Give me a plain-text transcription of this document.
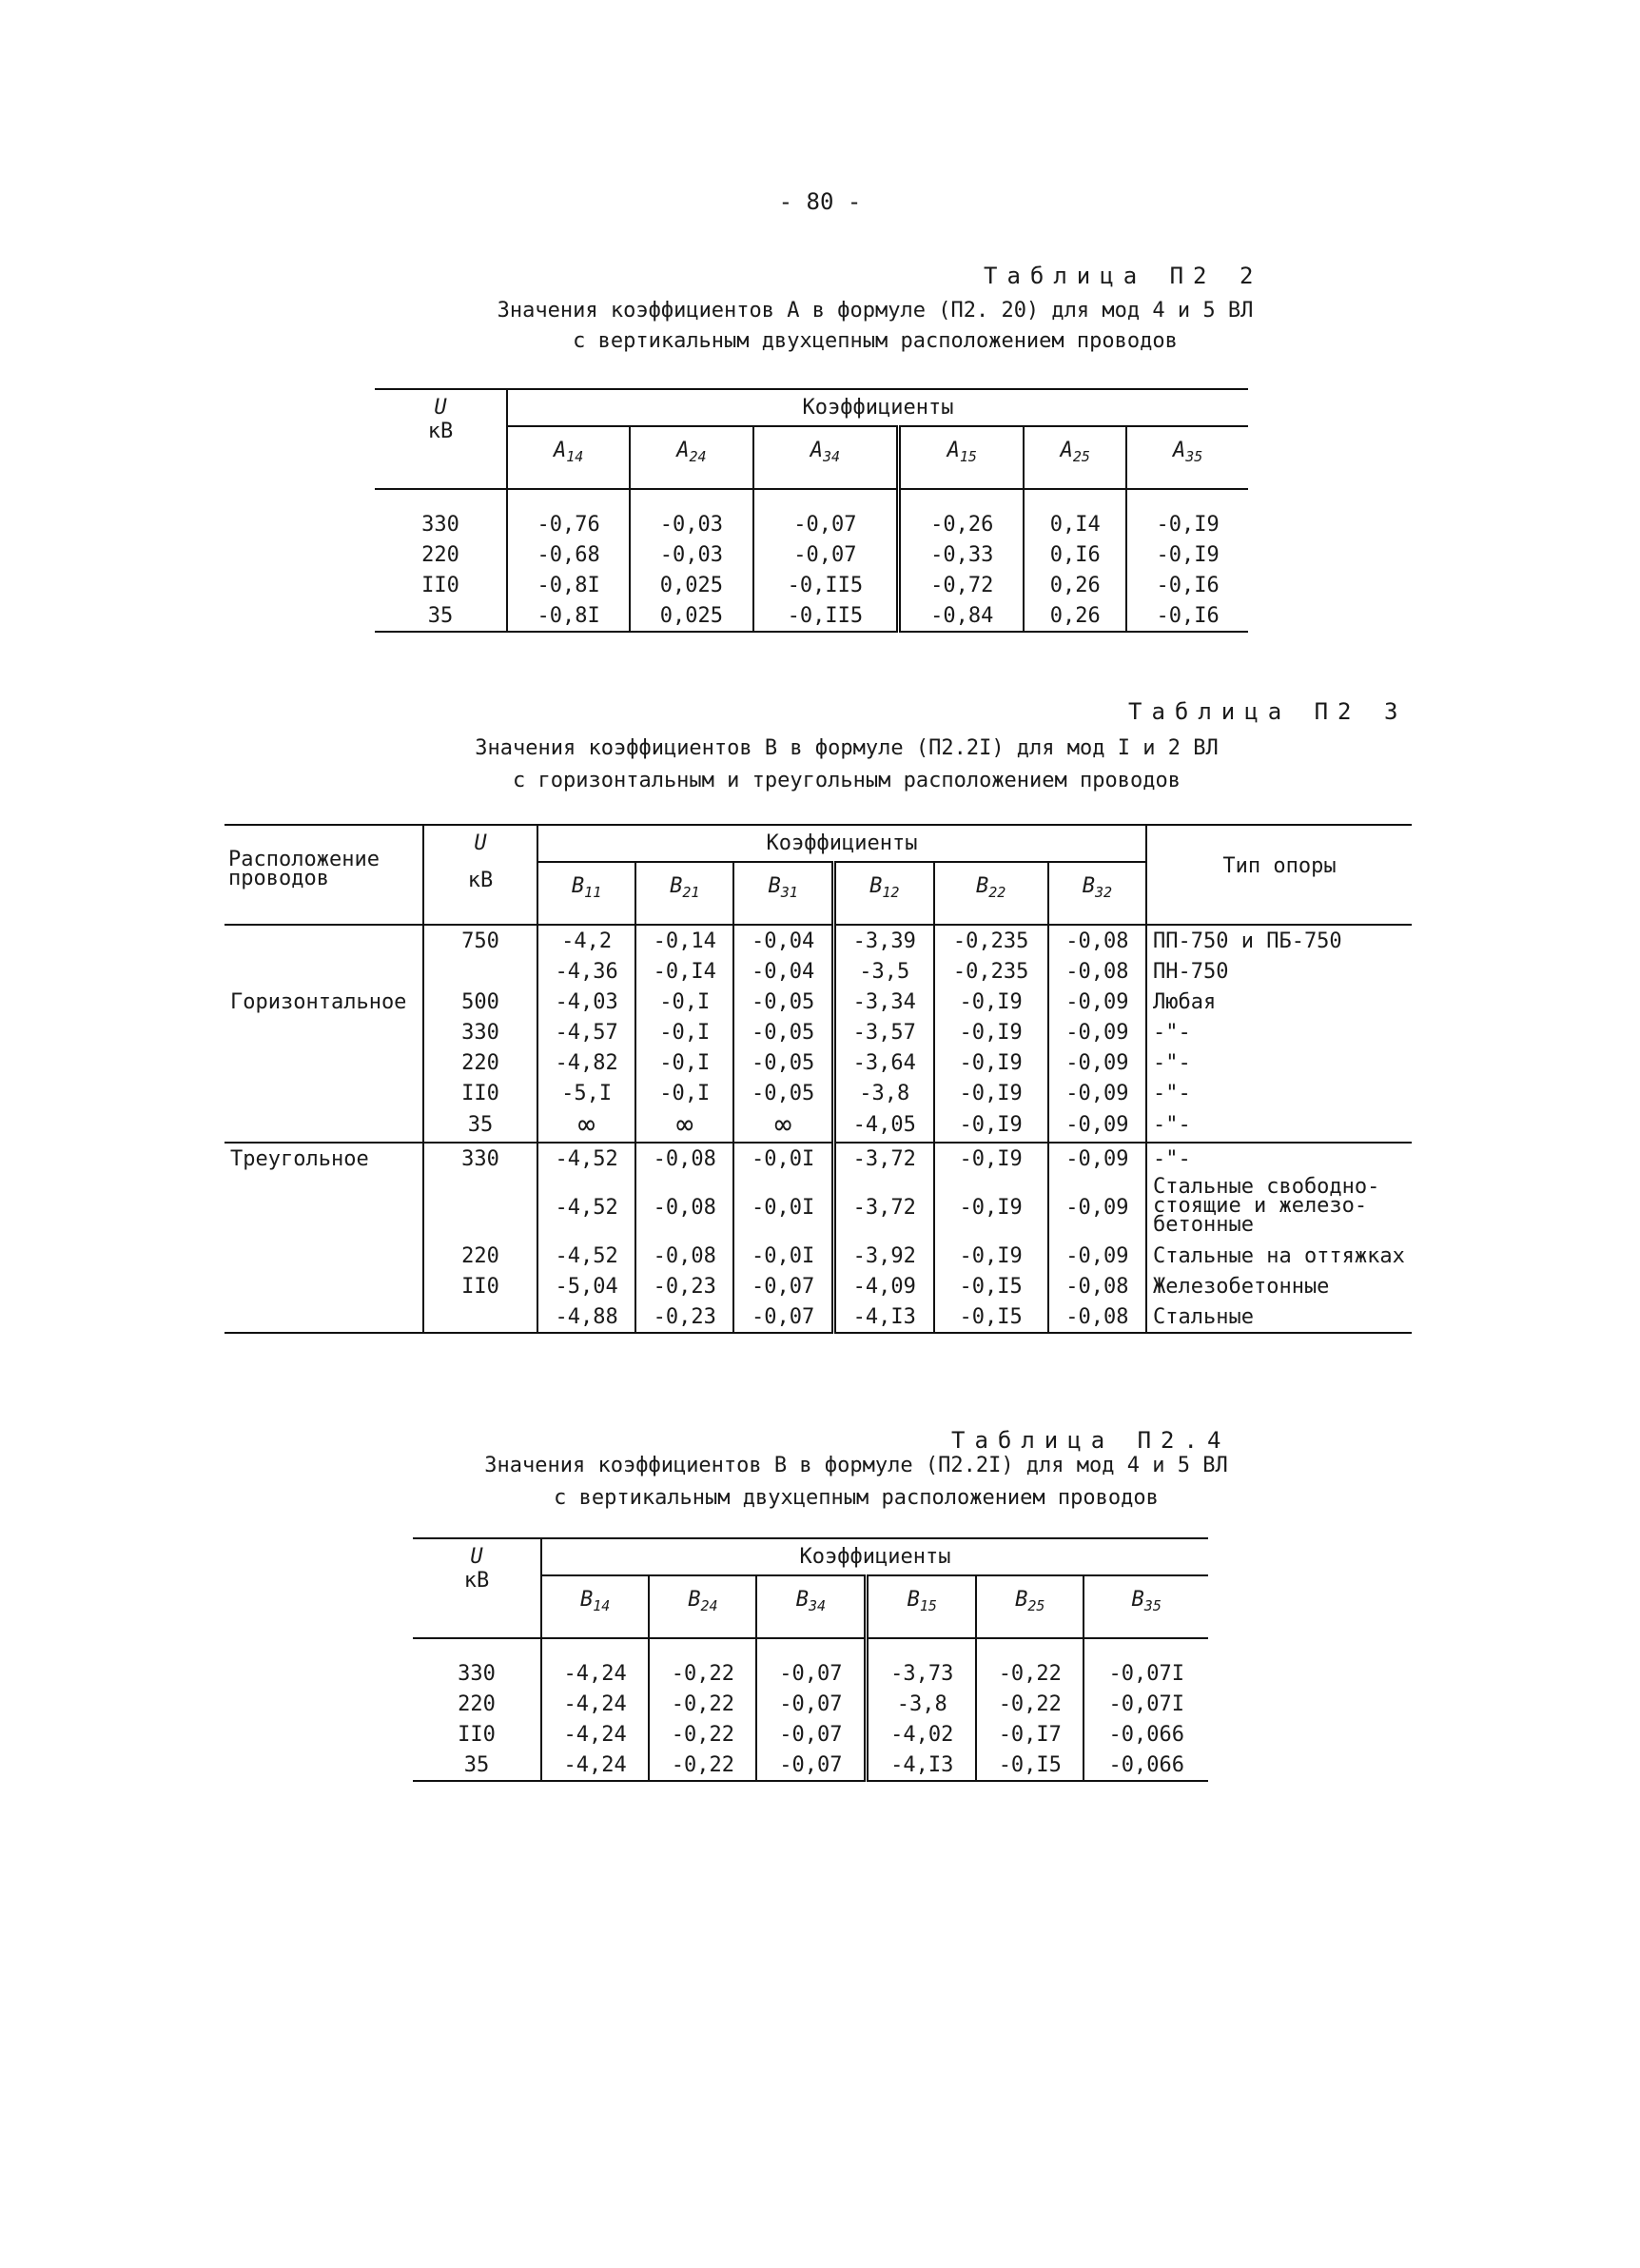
- 80 -
Таблица П2 2
Значения коэффициентов A в формуле (П2. 20) для мод 4 и 5 ВЛ
с вертикальным двухцепным расположением проводов
U
кВ	Коэффициенты					
	$A_{14}$	$A_{24}$	$A_{34}$	$A_{15}$	$A_{25}$	$A_{35}$
330	-0,76	-0,03	-0,07	-0,26	0,I4	-0,I9
220	-0,68	-0,03	-0,07	-0,33	0,I6	-0,I9
II0	-0,8I	0,025	-0,II5	-0,72	0,26	-0,I6
35	-0,8I	0,025	-0,II5	-0,84	0,26	-0,I6
Таблица П2 3
Значения коэффициентов B в формуле (П2.2I) для мод I и 2 ВЛ
с горизонтальным и треугольным расположением проводов
Расположение проводов	U
кВ	Коэффициенты						Тип опоры
		$B_{11}$	$B_{21}$	$B_{31}$	$B_{12}$	$B_{22}$	$B_{32}$
	750	-4,2	-0,14	-0,04	-3,39	-0,235	-0,08	ПП-750 и ПБ-750
		-4,36	-0,I4	-0,04	-3,5	-0,235	-0,08	ПН-750
Горизонтальное	500	-4,03	-0,I	-0,05	-3,34	-0,I9	-0,09	Любая
	330	-4,57	-0,I	-0,05	-3,57	-0,I9	-0,09	-"-
	220	-4,82	-0,I	-0,05	-3,64	-0,I9	-0,09	-"-
	II0	-5,I	-0,I	-0,05	-3,8	-0,I9	-0,09	-"-
	35	∞	∞	∞	-4,05	-0,I9	-0,09	-"-
Треугольное	330	-4,52	-0,08	-0,0I	-3,72	-0,I9	-0,09	-"-
		-4,52	-0,08	-0,0I	-3,72	-0,I9	-0,09	Стальные свободно-стоящие и железо-бетонные
	220	-4,52	-0,08	-0,0I	-3,92	-0,I9	-0,09	Стальные на оттяжках
	II0	-5,04	-0,23	-0,07	-4,09	-0,I5	-0,08	Железобетонные
		-4,88	-0,23	-0,07	-4,I3	-0,I5	-0,08	Стальные
Таблица П2.4
Значения коэффициентов B в формуле (П2.2I) для мод 4 и 5 ВЛ
с вертикальным двухцепным расположением проводов
U
кВ	Коэффициенты					
	$B_{14}$	$B_{24}$	$B_{34}$	$B_{15}$	$B_{25}$	$B_{35}$
330	-4,24	-0,22	-0,07	-3,73	-0,22	-0,07I
220	-4,24	-0,22	-0,07	-3,8	-0,22	-0,07I
II0	-4,24	-0,22	-0,07	-4,02	-0,I7	-0,066
35	-4,24	-0,22	-0,07	-4,I3	-0,I5	-0,066
